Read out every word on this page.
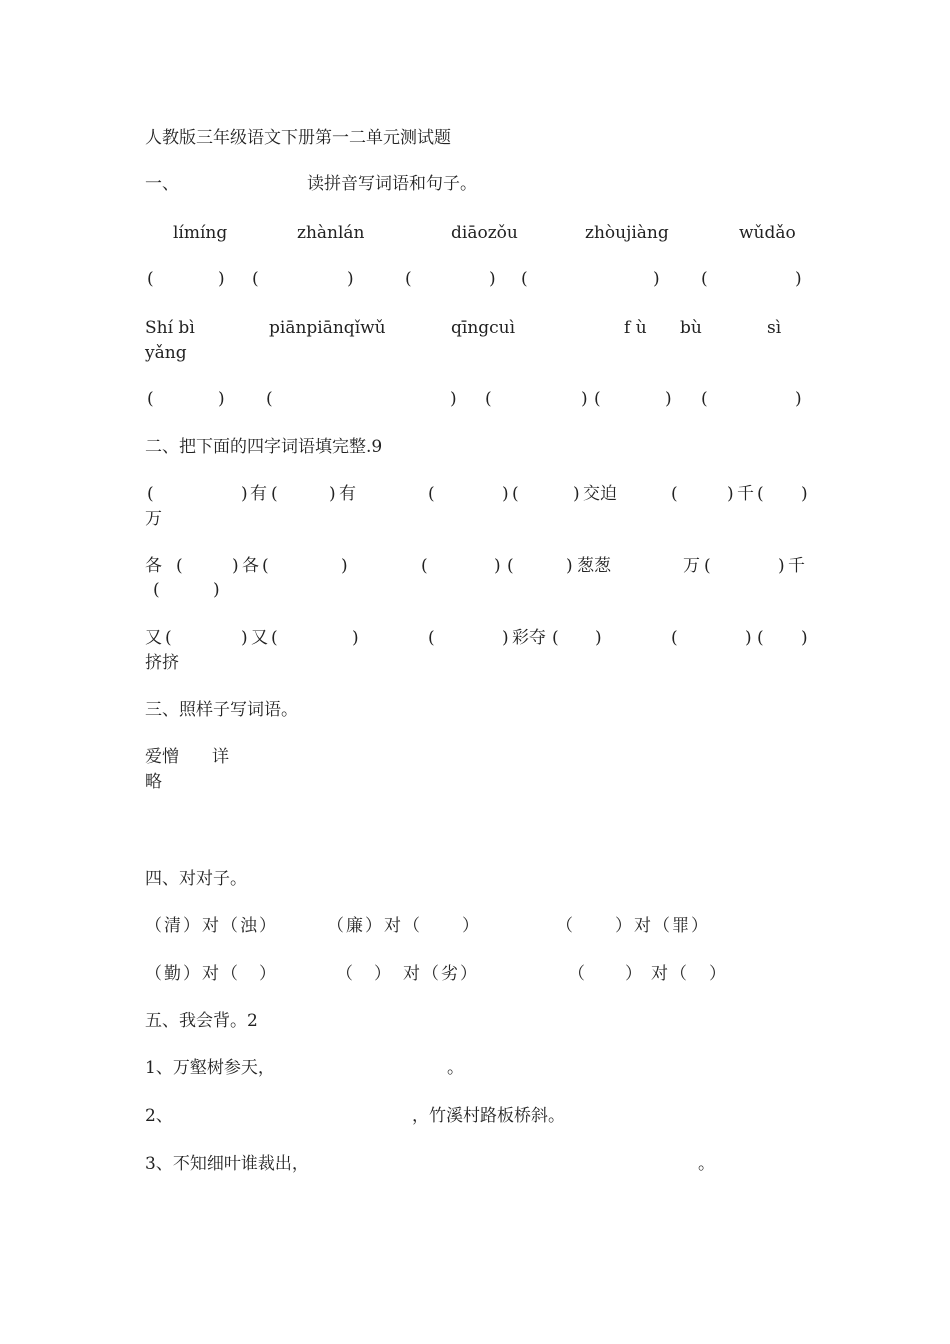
人教版三年级语文下册第一二单元测试题
一、	读拼音写词语和句子。
límíng	zhànlán	diāozǒu	zhòujiàng	wǔdǎo
(	) (	)	(	) (	) (	)
Shí bì	piānpiānqǐwǔ	qīngcuì	f ù bù	sì
yǎng
(	) (	) (	) (	) (	)
二、把下面的四字词语填完整.9
(	) 有 (	) 有	(	) (	) 交迫	(	) 千 ( )
万
各 (	) 各 (	)	(	) (	) 葱葱	万 (	) 千
(	)
又 (	) 又 (	)	(	) 彩夺 ( )	(	) ( )
挤挤
三、照样子写词语。
爱憎 详
略
四、对对子。
（ 清 ） 对 （ 浊 ）	（ 廉 ） 对 （ ）	（ ） 对 （ 罪 ）
（ 勤 ） 对 （ ）	（ ） 对 （ 劣 ）	（ ） 对 （ ）
五、我会背。2
1、万壑树参天，	。
2、	，竹溪村路板桥斜。
3、不知细叶谁裁出，	。
